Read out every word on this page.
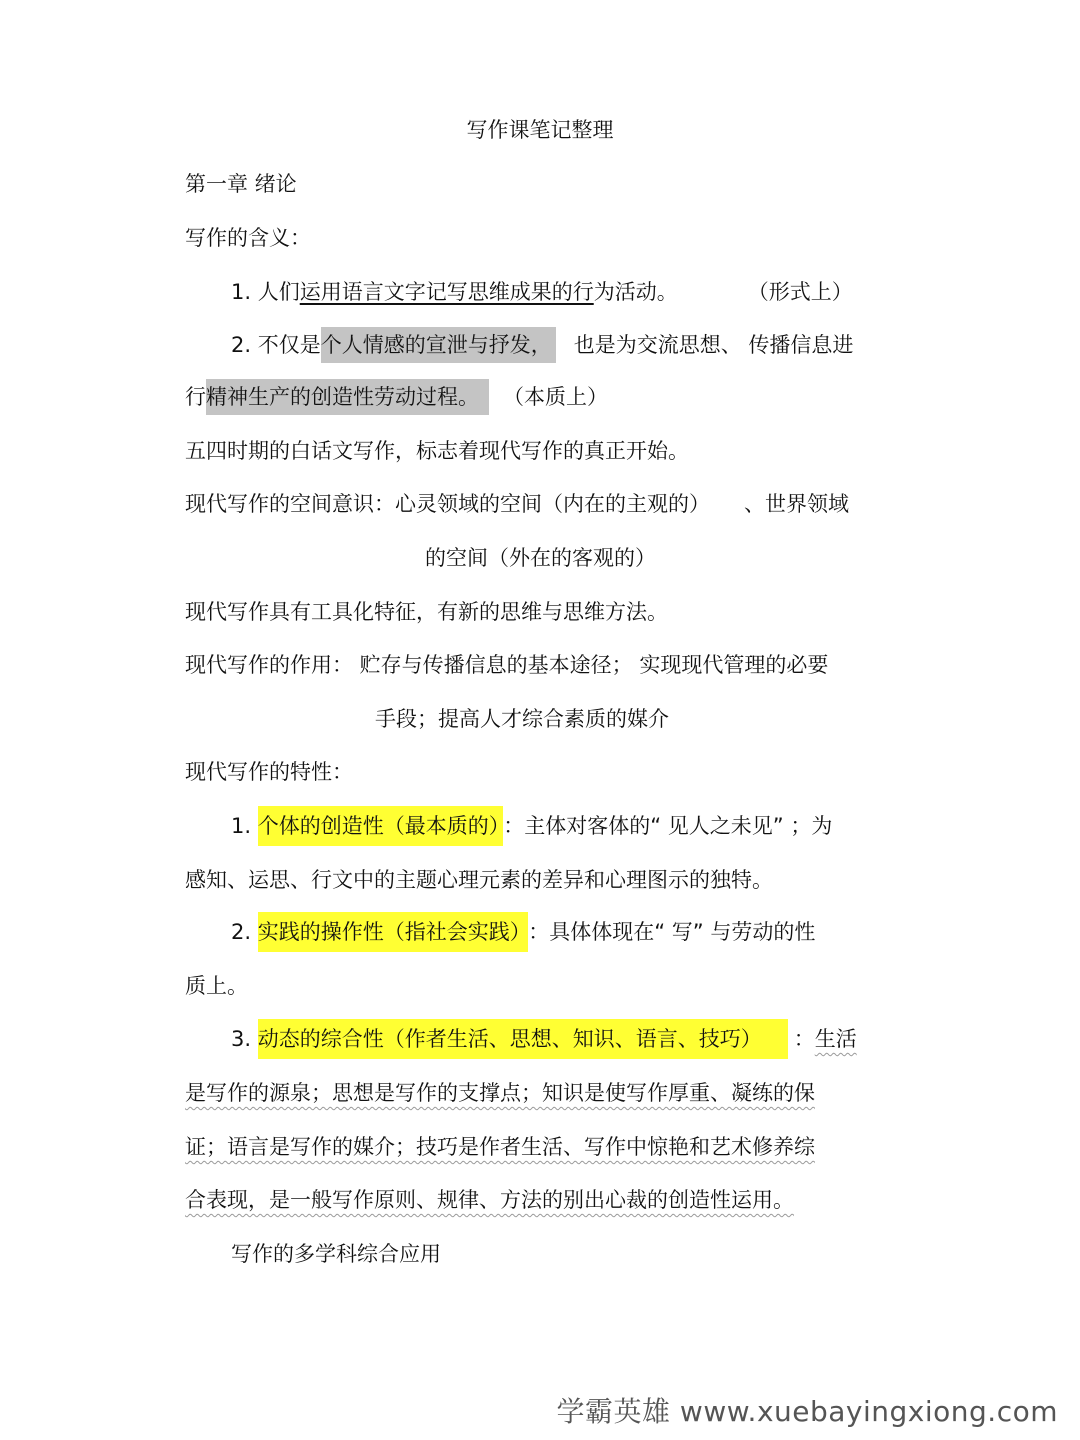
写作课笔记整理
第一章 绪论
写作的含义：
1. 人们运用语言文字记写思维成果的行为活动。	（形式上）
2. 不仅是个人情感的宣泄与抒发， 也是为交流思想、 传播信息进
行精神生产的创造性劳动过程。 （本质上）
五四时期的白话文写作，标志着现代写作的真正开始。
现代写作的空间意识：心灵领域的空间（内在的主观的） 、世界领域
的空间（外在的客观的）
现代写作具有工具化特征，有新的思维与思维方法。
现代写作的作用： 贮存与传播信息的基本途径； 实现现代管理的必要
手段；提高人才综合素质的媒介
现代写作的特性：
1. 个体的创造性（最本质的） ：主体对客体的“ 见人之未见” ；为
感知、运思、行文中的主题心理元素的差异和心理图示的独特。
2. 实践的操作性（指社会实践） ：具体体现在“ 写” 与劳动的性
质上。
3. 动态的综合性（作者生活、思想、知识、语言、技巧） ：生活
是写作的源泉；思想是写作的支撑点；知识是使写作厚重、凝练的保
证；语言是写作的媒介；技巧是作者生活、写作中惊艳和艺术修养综
合表现，是一般写作原则、规律、方法的别出心裁的创造性运用。
写作的多学科综合应用
学霸英雄 www.xuebayingxiong.com
